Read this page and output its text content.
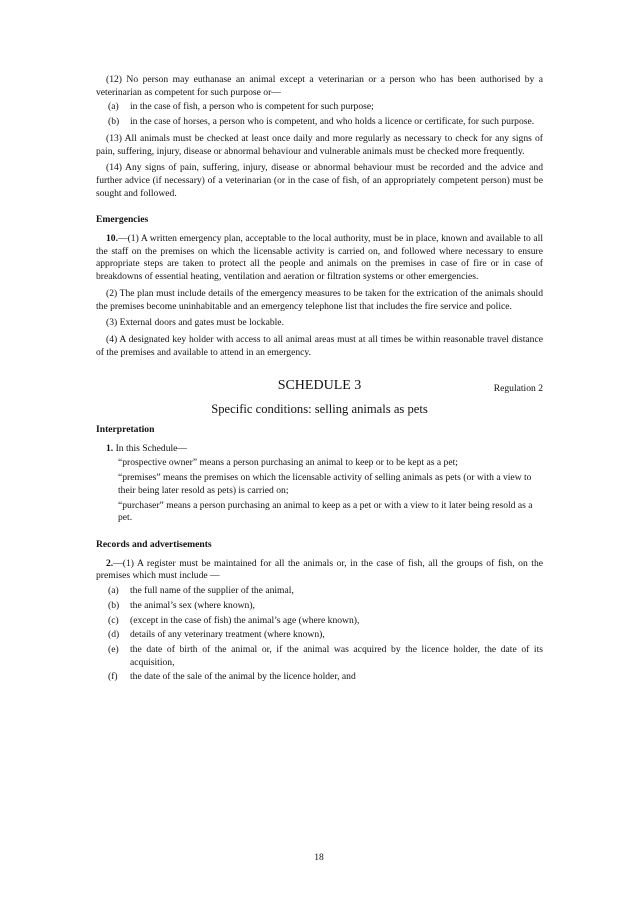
(12) No person may euthanase an animal except a veterinarian or a person who has been authorised by a veterinarian as competent for such purpose or—

(a)	in the case of fish, a person who is competent for such purpose;
(b)	in the case of horses, a person who is competent, and who holds a licence or certificate, for such purpose.

(13) All animals must be checked at least once daily and more regularly as necessary to check for any signs of pain, suffering, injury, disease or abnormal behaviour and vulnerable animals must be checked more frequently.

(14) Any signs of pain, suffering, injury, disease or abnormal behaviour must be recorded and the advice and further advice (if necessary) of a veterinarian (or in the case of fish, of an appropriately competent person) must be sought and followed.

Emergencies

10.—(1) A written emergency plan, acceptable to the local authority, must be in place, known and available to all the staff on the premises on which the licensable activity is carried on, and followed where necessary to ensure appropriate steps are taken to protect all the people and animals on the premises in case of fire or in case of breakdowns of essential heating, ventilation and aeration or filtration systems or other emergencies.

(2) The plan must include details of the emergency measures to be taken for the extrication of the animals should the premises become uninhabitable and an emergency telephone list that includes the fire service and police.

(3) External doors and gates must be lockable.

(4) A designated key holder with access to all animal areas must at all times be within reasonable travel distance of the premises and available to attend in an emergency.

SCHEDULE 3	Regulation 2
Specific conditions: selling animals as pets
Interpretation

1. In this Schedule—

“prospective owner” means a person purchasing an animal to keep or to be kept as a pet;

“premises” means the premises on which the licensable activity of selling animals as pets (or with a view to their being later resold as pets) is carried on;

“purchaser” means a person purchasing an animal to keep as a pet or with a view to it later being resold as a pet.

Records and advertisements

2.—(1) A register must be maintained for all the animals or, in the case of fish, all the groups of fish, on the premises which must include —

(a)	the full name of the supplier of the animal,
(b)	the animal’s sex (where known),
(c)	(except in the case of fish) the animal’s age (where known),
(d)	details of any veterinary treatment (where known),
(e)	the date of birth of the animal or, if the animal was acquired by the licence holder, the date of its acquisition,
(f)	the date of the sale of the animal by the licence holder, and
18
